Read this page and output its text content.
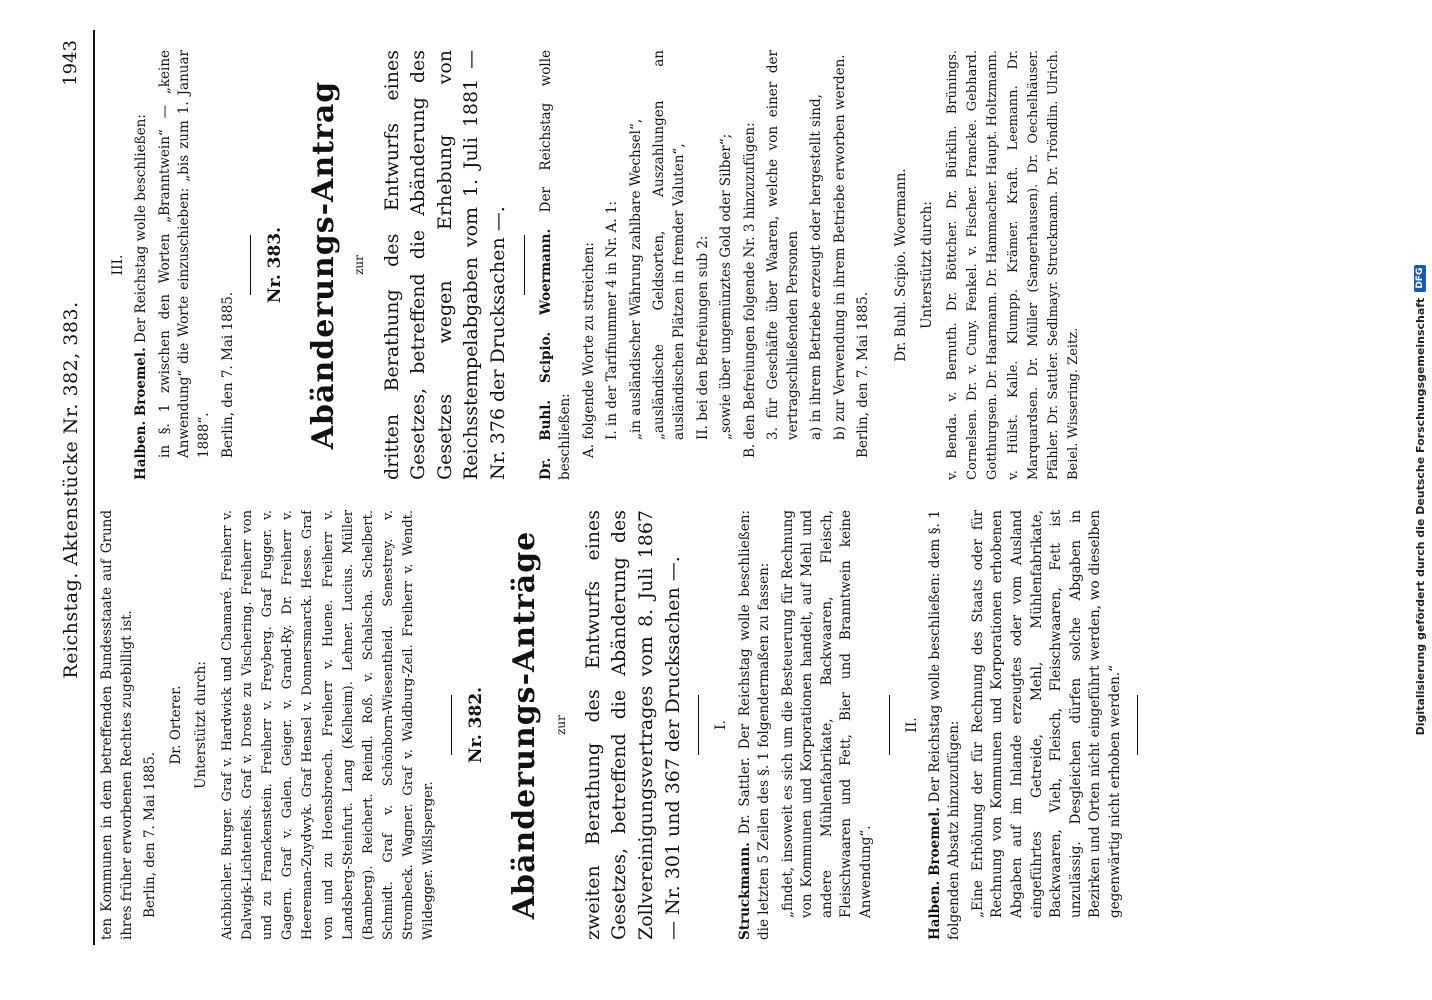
Reichstag. Aktenstücke Nr. 382, 383.
1943

ten Kommunen in dem betreffenden Bundesstaate auf Grund ihres früher erworbenen Rechtes zugebilligt ist. Berlin, den 7. Mai 1885.

Dr. Orterer. Unterstützt durch: Aichbichler. Burger. Graf v. Hardwick und Chamaré. Freiherr v. Dalwigk-Lichtenfels. Graf v. Droste zu Vischering. Freiherr von und zu Franckenstein. Freiherr v. Freyberg. Graf Fugger. v. Gagern. Graf v. Galen. Geiger. v. Grand-Ry. Dr. Freiherr v. Heereman-Zuydwyk. Graf Hensel v. Donnersmarck. Hesse. Graf von und zu Hoensbroech. Freiherr v. Huene. Freiherr v. Landsberg-Steinfurt. Lang (Kelheim). Lehner. Lucius. Müller (Bamberg). Reichert. Reindl. Roß. v. Schalscha. Schelbert. Schmidt. Graf v. Schönborn-Wiesentheid. Senestrey. v. Strombeck. Wagner. Graf v. Waldburg-Zeil. Freiherr v. Wendt. Wildegger. Wißlsperger.

Nr. 382. Abänderungs-Anträge zur zweiten Berathung des Entwurfs eines Gesetzes, betreffend die Abänderung des Zollvereinigungsvertrages vom 8. Juli 1867 — Nr. 301 und 367 der Drucksachen —. I.

Struckmann. Dr. Sattler. Der Reichstag wolle beschließen: die letzten 5 Zeilen des §. 1 folgendermaßen zu fassen: „findet, insoweit es sich um die Besteuerung für Rechnung von Kommunen und Korporationen handelt, auf Mehl und andere Mühlenfabrikate, Backwaaren, Fleisch, Fleischwaaren und Fett, Bier und Branntwein keine Anwendung“.

II.

Halben. Broemel. Der Reichstag wolle beschließen: dem §. 1 folgenden Absatz hinzuzufügen: „Eine Erhöhung der für Rechnung des Staats oder für Rechnung von Kommunen und Korporationen erhobenen Abgaben auf im Inlande erzeugtes oder vom Ausland eingeführtes Getreide, Mehl, Mühlenfabrikate, Backwaaren, Vieh, Fleisch, Fleischwaaren, Fett ist unzulässig. Desgleichen dürfen solche Abgaben in Bezirken und Orten nicht eingeführt werden, wo dieselben gegenwärtig nicht erhoben werden.“

III.

Halben. Broemel. Der Reichstag wolle beschließen: in §. 1 zwischen den Worten „Branntwein“ — „keine Anwendung“ die Worte einzuschieben: „bis zum 1. Januar 1888“. Berlin, den 7. Mai 1885.

Nr. 383. Abänderungs-Antrag zur dritten Berathung des Entwurfs eines Gesetzes, betreffend die Abänderung des Gesetzes wegen Erhebung von Reichsstempelabgaben vom 1. Juli 1881 — Nr. 376 der Drucksachen —. Dr. Buhl. Scipio. Woermann. Der Reichstag wolle beschließen: A. folgende Worte zu streichen: I. in der Tarifnummer 4 in Nr. A. 1: „in ausländischer Währung zahlbare Wechsel“, „ausländische Geldsorten, Auszahlungen an ausländischen Plätzen in fremder Valuten“, II. bei den Befreiungen sub 2: „sowie über ungemünztes Gold oder Silber“; B. den Befreiungen folgende Nr. 3 hinzuzufügen: 3. für Geschäfte über Waaren, welche von einer der vertragschließenden Personen a) in ihrem Betriebe erzeugt oder hergestellt sind, b) zur Verwendung in ihrem Betriebe erworben werden. Berlin, den 7. Mai 1885.

Dr. Buhl. Scipio. Woermann. Unterstützt durch: v. Benda. v. Bernuth. Dr. Böttcher. Dr. Bürklin. Brünings. Cornelsen. Dr. v. Cuny. Fenkel. v. Fischer. Francke. Gebhard. Gotthurgsen. Dr. Haarmann. Dr. Hammacher. Haupt. Holtzmann. v. Hülst. Kalle. Klumpp. Krämer. Kraft. Leemann. Dr. Marquardsen. Dr. Müller (Sangerhausen). Dr. Oechelhäuser. Pfähler. Dr. Sattler. Sedlmayr. Struckmann. Dr. Tröndlin. Ulrich. Beiel. Wissering. Zeitz.	Digitalisierung gefördert durch die Deutsche Forschungsgemeinschaft
DFG
